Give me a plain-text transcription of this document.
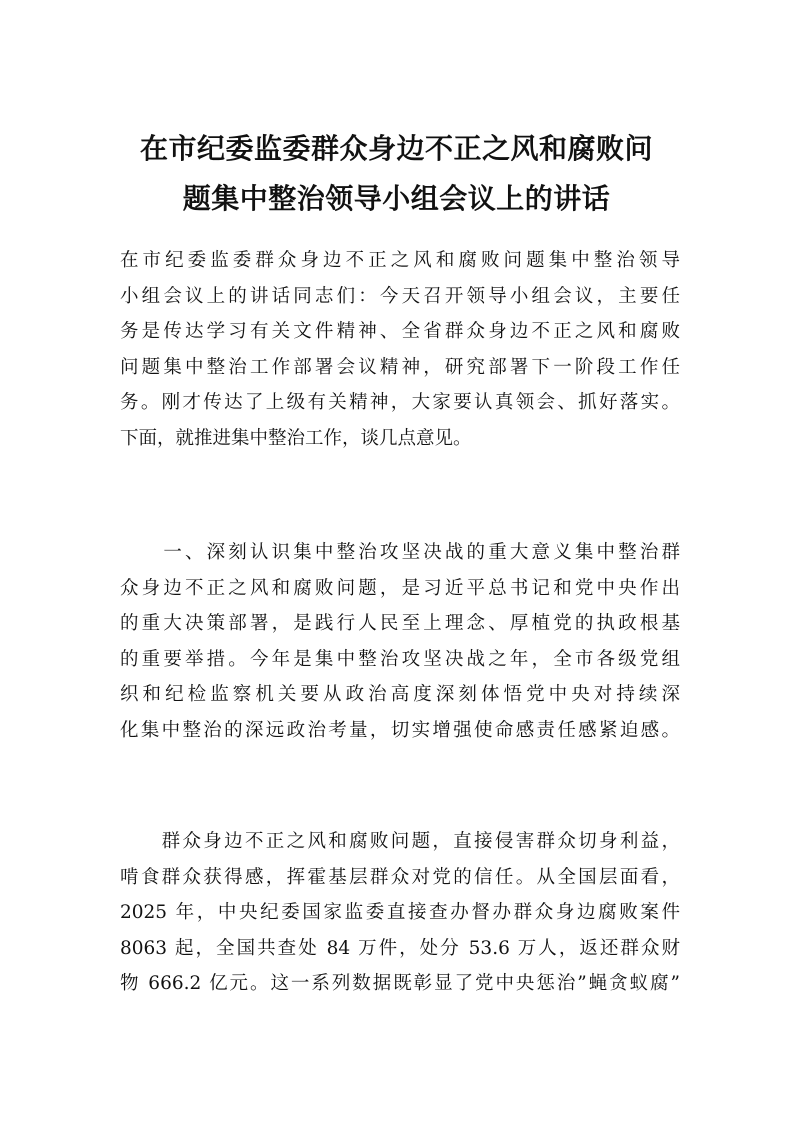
在市纪委监委群众身边不正之风和腐败问
题集中整治领导小组会议上的讲话
在市纪委监委群众身边不正之风和腐败问题集中整治领导
小组会议上的讲话同志们：今天召开领导小组会议，主要任
务是传达学习有关文件精神、全省群众身边不正之风和腐败
问题集中整治工作部署会议精神，研究部署下一阶段工作任
务。刚才传达了上级有关精神，大家要认真领会、抓好落实。
下面，就推进集中整治工作，谈几点意见。
　　一、深刻认识集中整治攻坚决战的重大意义集中整治群
众身边不正之风和腐败问题，是习近平总书记和党中央作出
的重大决策部署，是践行人民至上理念、厚植党的执政根基
的重要举措。今年是集中整治攻坚决战之年，全市各级党组
织和纪检监察机关要从政治高度深刻体悟党中央对持续深
化集中整治的深远政治考量，切实增强使命感责任感紧迫感。
　　群众身边不正之风和腐败问题，直接侵害群众切身利益，
啃食群众获得感，挥霍基层群众对党的信任。从全国层面看，
2025 年，中央纪委国家监委直接查办督办群众身边腐败案件
8063 起，全国共查处 84 万件，处分 53.6 万人，返还群众财
物 666.2 亿元。这一系列数据既彰显了党中央惩治”蝇贪蚁腐”
